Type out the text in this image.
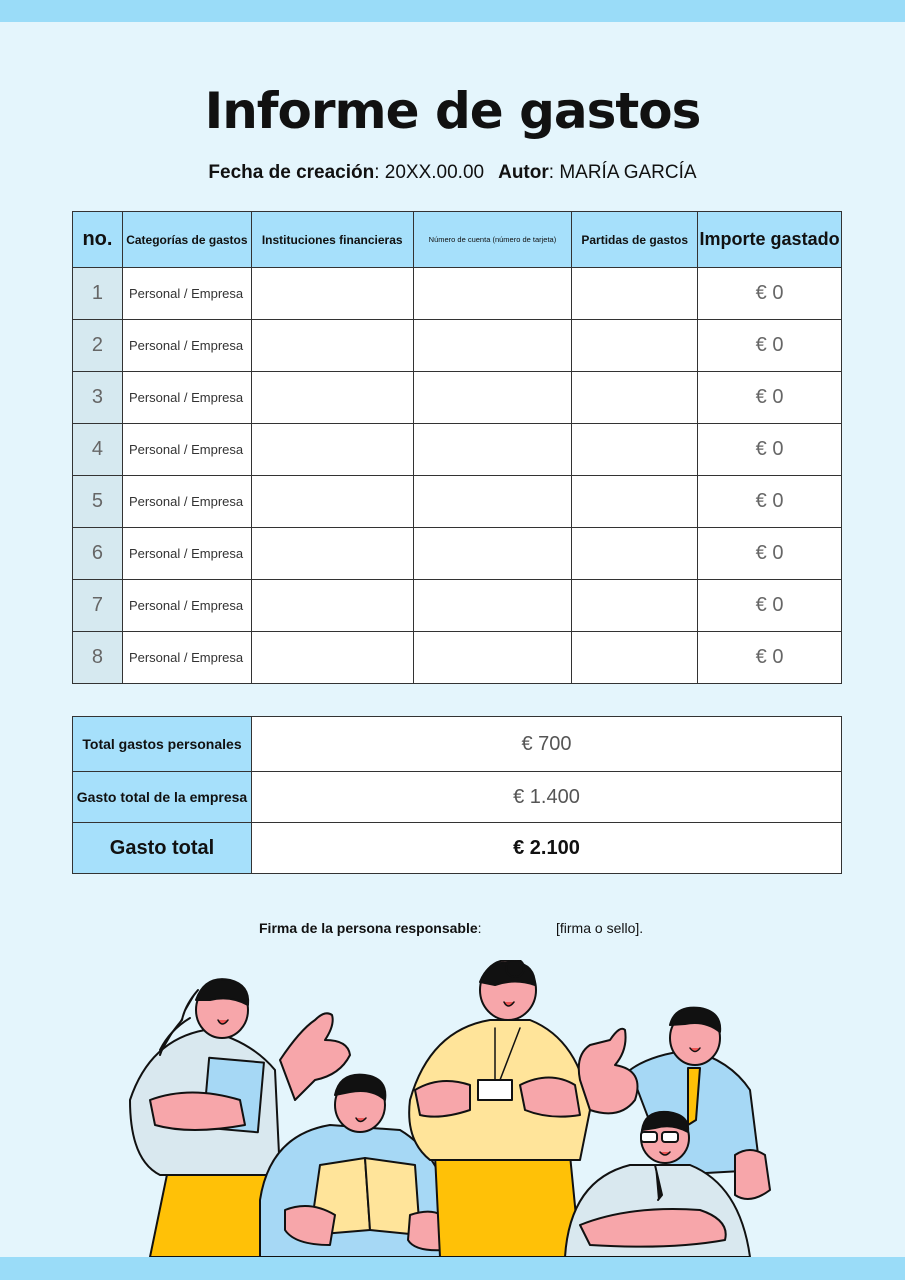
Informe de gastos
Fecha de creación: 20XX.00.00 Autor: MARÍA GARCÍA
no.	Categorías de gastos	Instituciones financieras	Número de cuenta (número de tarjeta)	Partidas de gastos	Importe gastado
1	Personal / Empresa				€ 0
2	Personal / Empresa				€ 0
3	Personal / Empresa				€ 0
4	Personal / Empresa				€ 0
5	Personal / Empresa				€ 0
6	Personal / Empresa				€ 0
7	Personal / Empresa				€ 0
8	Personal / Empresa				€ 0
Total gastos personales	€ 700
Gasto total de la empresa	€ 1.400
Gasto total	€ 2.100
Firma de la persona responsable:	[firma o sello].
